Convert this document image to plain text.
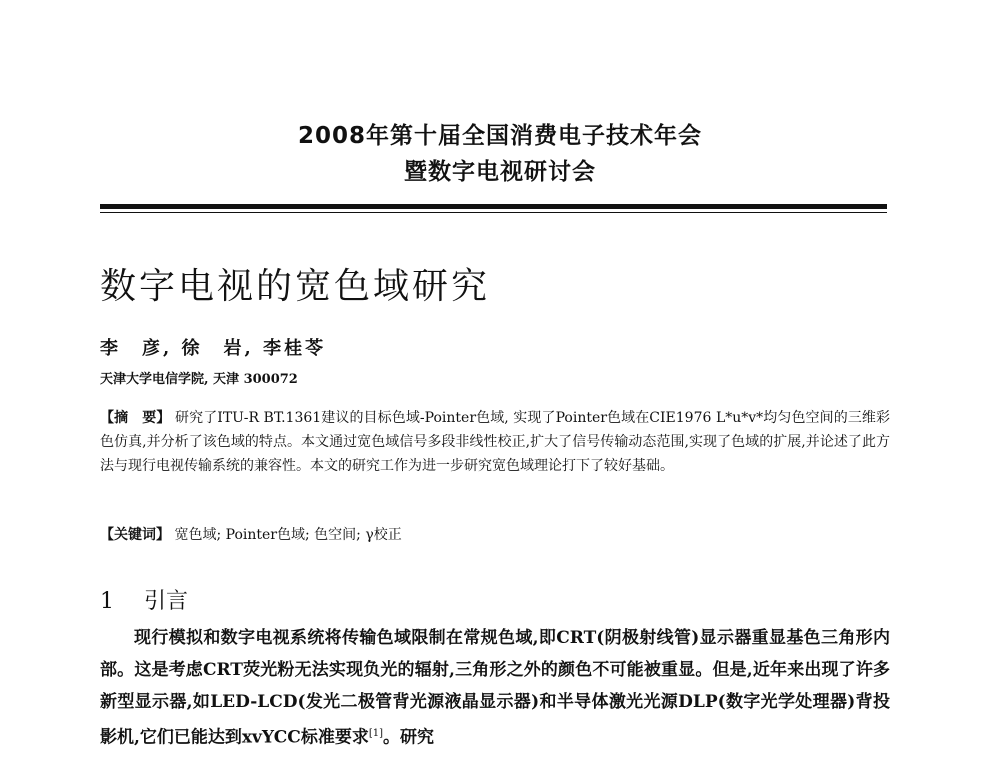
2008年第十届全国消费电子技术年会
暨数字电视研讨会
数字电视的宽色域研究
李　彦, 徐　岩, 李桂苓
天津大学电信学院, 天津 300072
【摘　要】 研究了ITU-R BT.1361建议的目标色域-Pointer色域, 实现了Pointer色域在CIE1976 L*u*v*均匀色空间的三维彩色仿真,并分析了该色域的特点。本文通过宽色域信号多段非线性校正,扩大了信号传输动态范围,实现了色域的扩展,并论述了此方法与现行电视传输系统的兼容性。本文的研究工作为进一步研究宽色域理论打下了较好基础。
【关键词】 宽色域; Pointer色域; 色空间; γ校正
1 引言
现行模拟和数字电视系统将传输色域限制在常规色域,即CRT(阴极射线管)显示器重显基色三角形内部。这是考虑CRT荧光粉无法实现负光的辐射,三角形之外的颜色不可能被重显。但是,近年来出现了许多新型显示器,如LED-LCD(发光二极管背光源液晶显示器)和半导体激光光源DLP(数字光学处理器)背投影机,它们已能达到xvYCC标准要求[1]。研究
